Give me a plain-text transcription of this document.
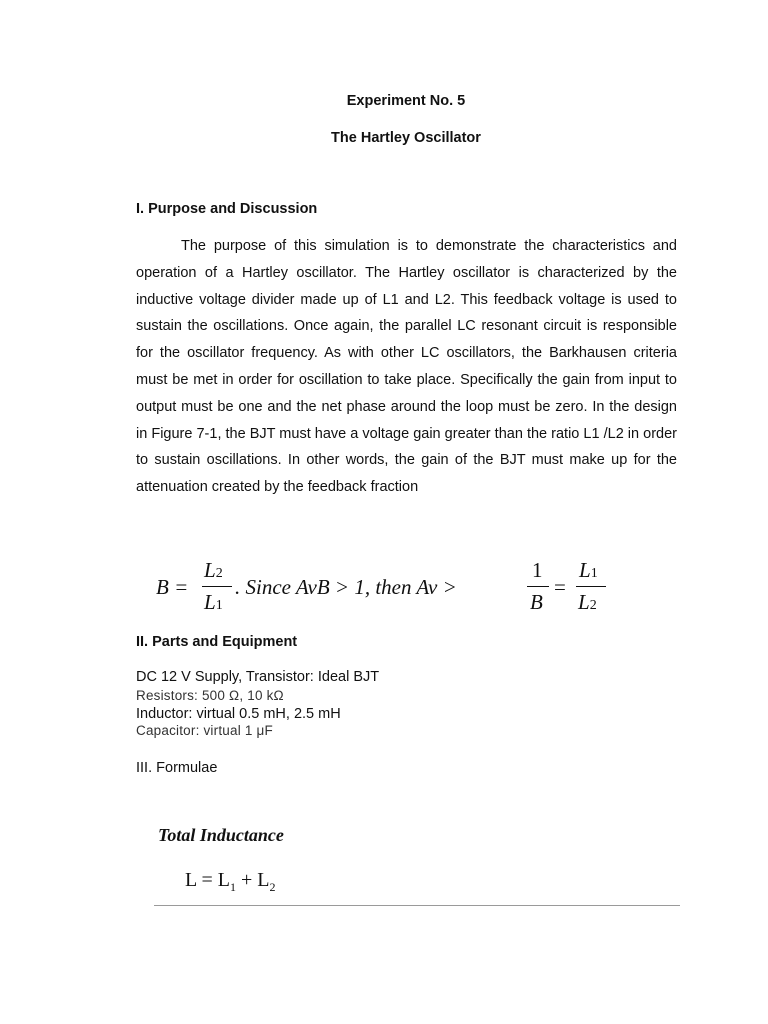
Experiment No. 5
The Hartley Oscillator
I. Purpose and Discussion

The purpose of this simulation is to demonstrate the characteristics and operation of a Hartley oscillator. The Hartley oscillator is characterized by the inductive voltage divider made up of L1 and L2. This feedback voltage is used to sustain the oscillations. Once again, the parallel LC resonant circuit is responsible for the oscillator frequency. As with other LC oscillators, the Barkhausen criteria must be met in order for oscillation to take place. Specifically the gain from input to output must be one and the net phase around the loop must be zero. In the design in Figure 7-1, the BJT must have a voltage gain greater than the ratio L1 /L2 in order to sustain oscillations. In other words, the gain of the BJT must make up for the attenuation created by the feedback fraction

B =
L2
L1
. Since AvB > 1, then Av >
1
B
=
L1
L2
II. Parts and Equipment
DC 12 V Supply, Transistor: Ideal BJT
Resistors: 500 Ω, 10 kΩ
Inductor: virtual 0.5 mH, 2.5 mH
Capacitor: virtual 1 μF
III. Formulae
Total Inductance
$L = L_1 + L_2$
